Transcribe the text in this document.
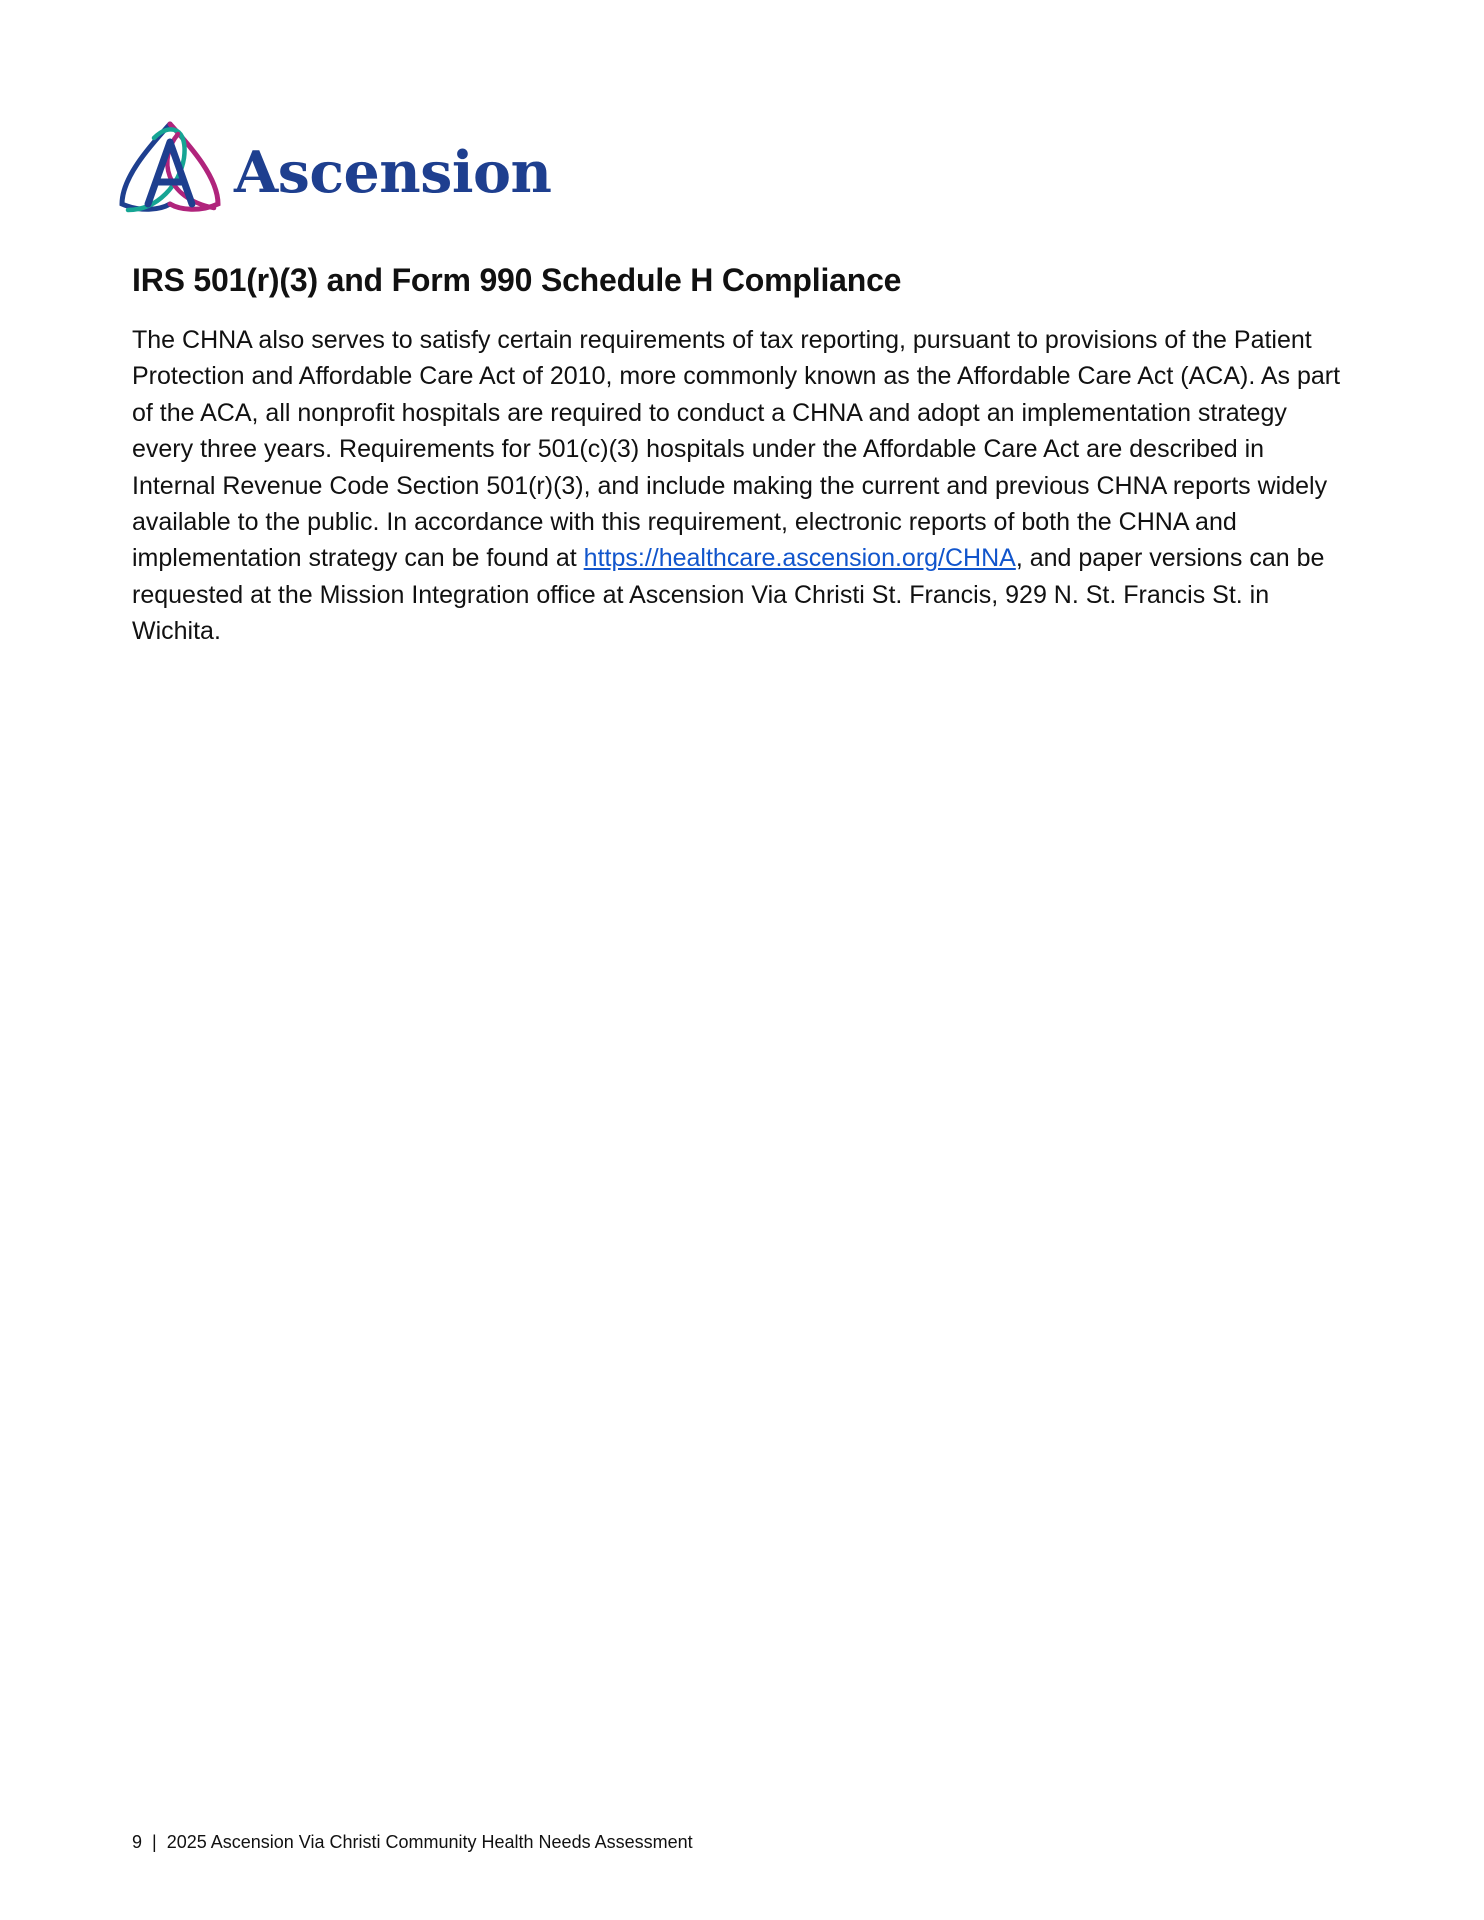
Ascension
IRS 501(r)(3) and Form 990 Schedule H Compliance

The CHNA also serves to satisfy certain requirements of tax reporting, pursuant to provisions of the Patient Protection and Affordable Care Act of 2010, more commonly known as the Affordable Care Act (ACA). As part of the ACA, all nonprofit hospitals are required to conduct a CHNA and adopt an implementation strategy every three years. Requirements for 501(c)(3) hospitals under the Affordable Care Act are described in Internal Revenue Code Section 501(r)(3), and include making the current and previous CHNA reports widely available to the public. In accordance with this requirement, electronic reports of both the CHNA and implementation strategy can be found at https://healthcare.ascension.org/CHNA, and paper versions can be requested at the Mission Integration office at Ascension Via Christi St. Francis, 929 N. St. Francis St. in Wichita.

9  |  2025 Ascension Via Christi Community Health Needs Assessment
